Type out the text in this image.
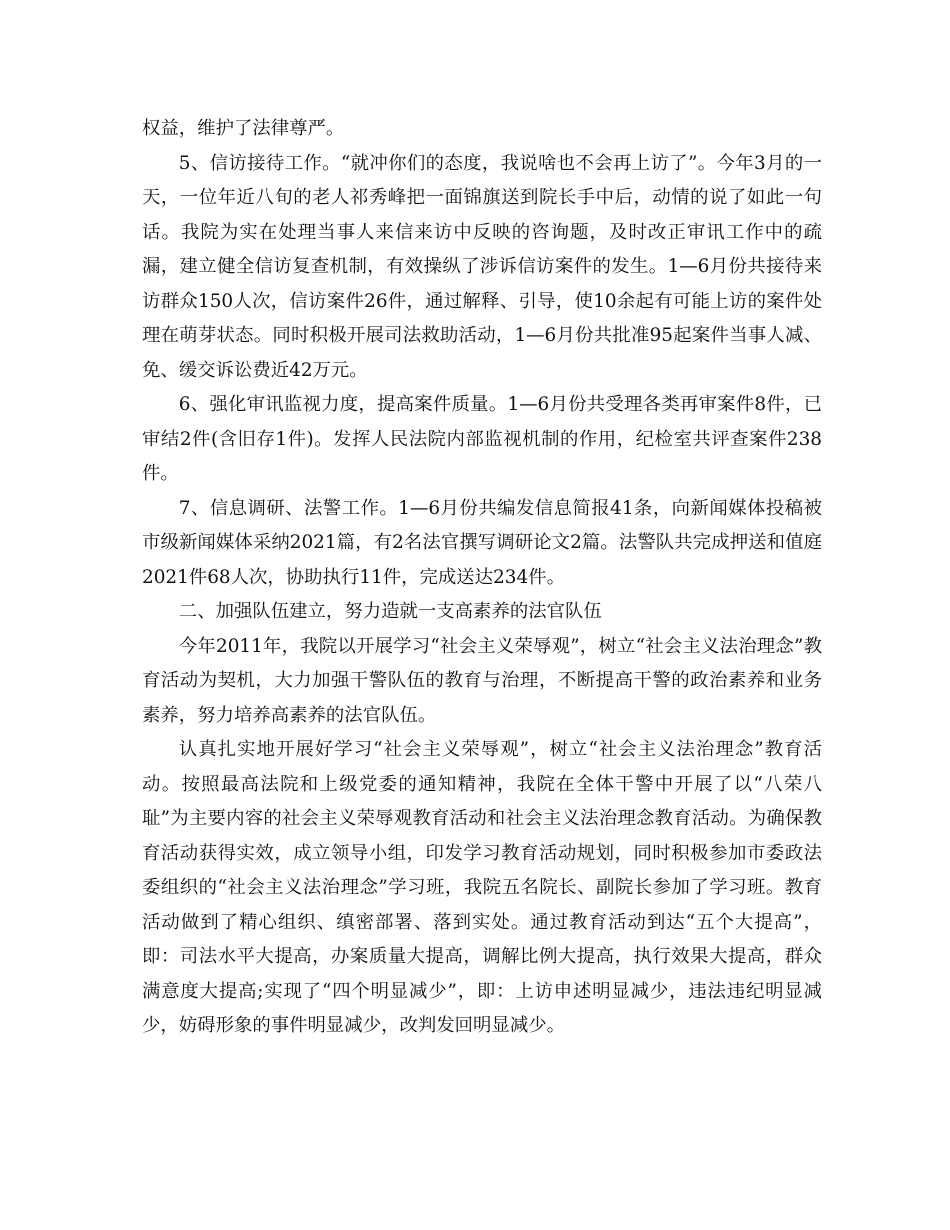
权益，维护了法律尊严。

5、信访接待工作。“就冲你们的态度，我说啥也不会再上访了”。今年3月的一天，一位年近八旬的老人祁秀峰把一面锦旗送到院长手中后，动情的说了如此一句话。我院为实在处理当事人来信来访中反映的咨询题，及时改正审讯工作中的疏漏，建立健全信访复查机制，有效操纵了涉诉信访案件的发生。1—6月份共接待来访群众150人次，信访案件26件，通过解释、引导，使10余起有可能上访的案件处理在萌芽状态。同时积极开展司法救助活动，1—6月份共批准95起案件当事人减、免、缓交诉讼费近42万元。

6、强化审讯监视力度，提高案件质量。1—6月份共受理各类再审案件8件，已审结2件(含旧存1件)。发挥人民法院内部监视机制的作用，纪检室共评查案件238件。

7、信息调研、法警工作。1—6月份共编发信息简报41条，向新闻媒体投稿被市级新闻媒体采纳2021篇，有2名法官撰写调研论文2篇。法警队共完成押送和值庭2021件68人次，协助执行11件，完成送达234件。

二、加强队伍建立，努力造就一支高素养的法官队伍

今年2011年，我院以开展学习“社会主义荣辱观”，树立“社会主义法治理念”教育活动为契机，大力加强干警队伍的教育与治理，不断提高干警的政治素养和业务素养，努力培养高素养的法官队伍。

认真扎实地开展好学习“社会主义荣辱观”，树立“社会主义法治理念”教育活动。按照最高法院和上级党委的通知精神，我院在全体干警中开展了以“八荣八耻”为主要内容的社会主义荣辱观教育活动和社会主义法治理念教育活动。为确保教育活动获得实效，成立领导小组，印发学习教育活动规划，同时积极参加市委政法委组织的“社会主义法治理念”学习班，我院五名院长、副院长参加了学习班。教育活动做到了精心组织、缜密部署、落到实处。通过教育活动到达“五个大提高”，即：司法水平大提高，办案质量大提高，调解比例大提高，执行效果大提高，群众满意度大提高;实现了“四个明显减少”，即：上访申述明显减少，违法违纪明显减少，妨碍形象的事件明显减少，改判发回明显减少。
